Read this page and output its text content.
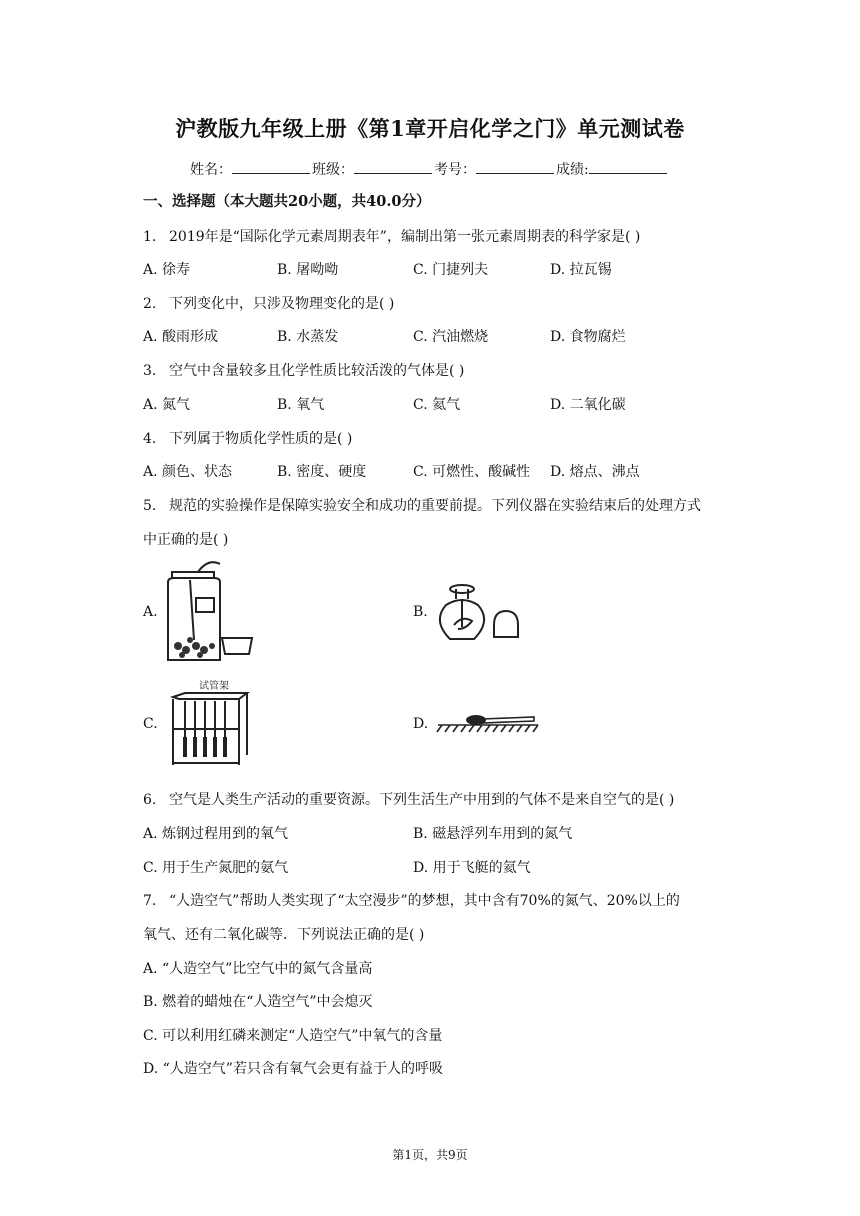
沪教版九年级上册《第1章开启化学之门》单元测试卷
姓名：	班级：	考号：	成绩:
一、选择题（本大题共20小题，共40.0分）
1. 2019年是“国际化学元素周期表年”，编制出第一张元素周期表的科学家是( )
A. 徐寿	B. 屠呦呦	C. 门捷列夫	D. 拉瓦锡
2. 下列变化中，只涉及物理变化的是( )
A. 酸雨形成	B. 水蒸发	C. 汽油燃烧	D. 食物腐烂
3. 空气中含量较多且化学性质比较活泼的气体是( )
A. 氮气	B. 氧气	C. 氦气	D. 二氧化碳
4. 下列属于物质化学性质的是( )
A. 颜色、状态	B. 密度、硬度	C. 可燃性、酸碱性 D. 熔点、沸点
5. 规范的实验操作是保障实验安全和成功的重要前提。下列仪器在实验结束后的处理方式
中正确的是( )
A.	B.
C.
试管架
D.
6. 空气是人类生产活动的重要资源。下列生活生产中用到的气体不是来自空气的是( )
A. 炼钢过程用到的氧气	B. 磁悬浮列车用到的氮气
C. 用于生产氮肥的氨气	D. 用于飞艇的氦气
7. “人造空气”帮助人类实现了“太空漫步”的梦想，其中含有70%的氮气、20%以上的
氧气、还有二氧化碳等．下列说法正确的是( )
A. “人造空气”比空气中的氮气含量高
B. 燃着的蜡烛在“人造空气”中会熄灭
C. 可以利用红磷来测定“人造空气”中氧气的含量
D. “人造空气”若只含有氧气会更有益于人的呼吸
第1页，共9页
